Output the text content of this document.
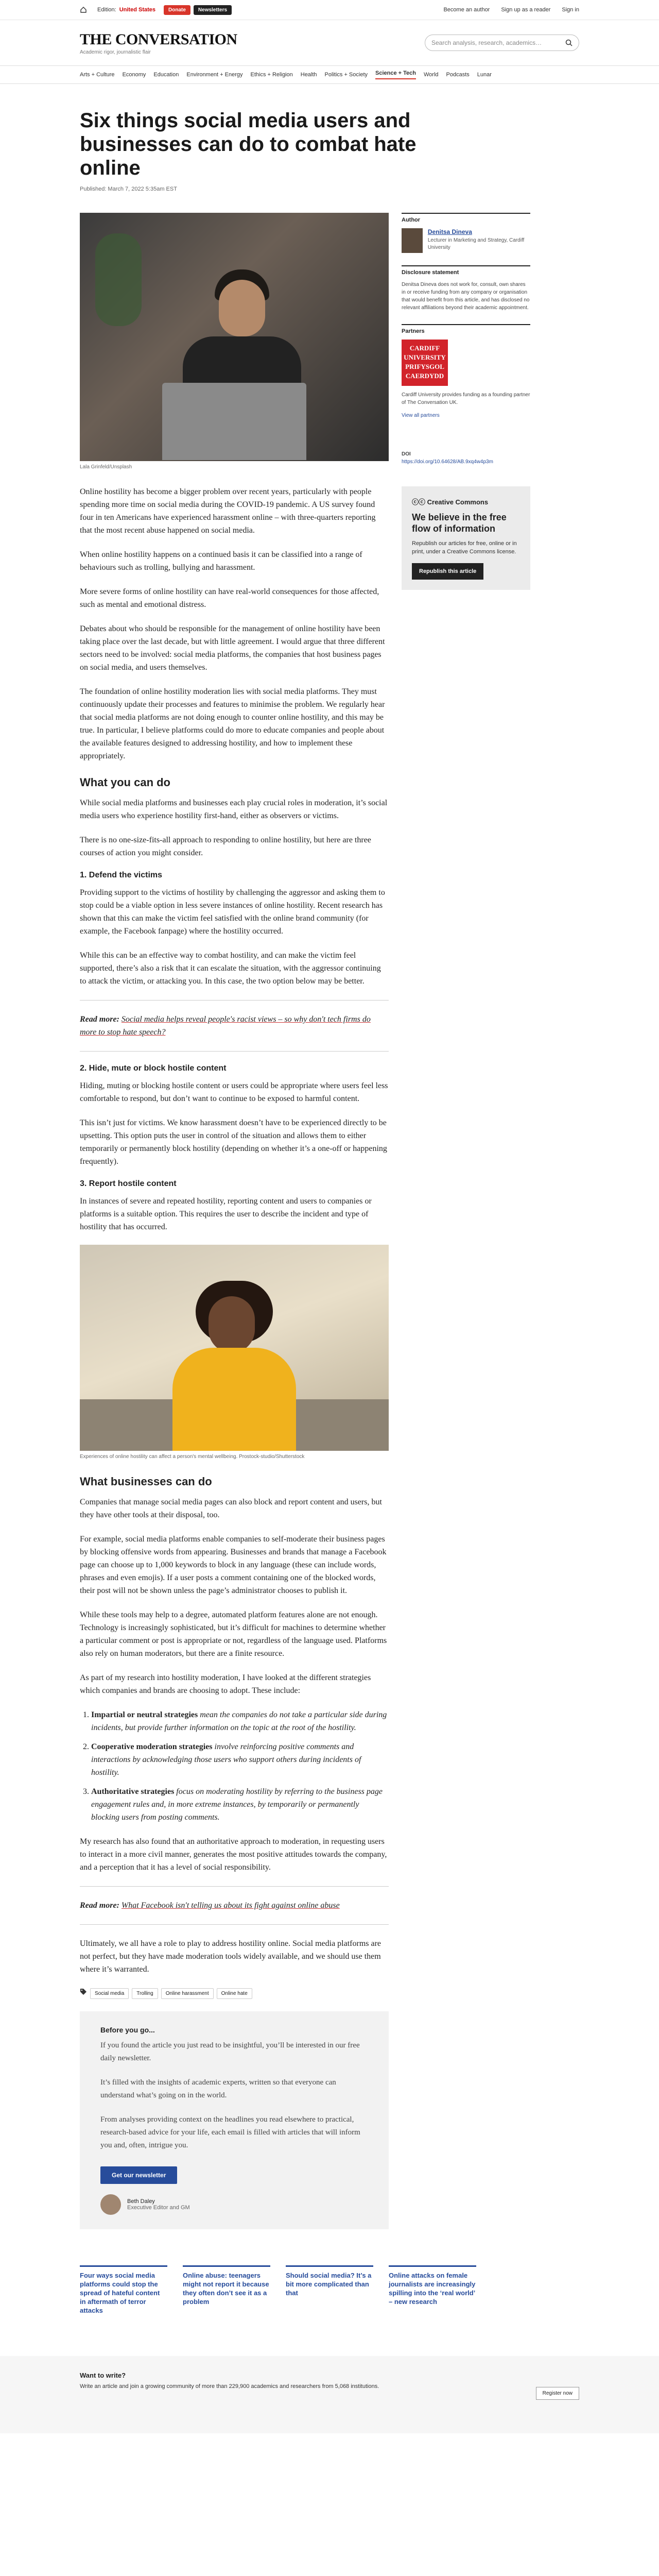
Edition: United States	Donate	Newsletters	Become an author Sign up as a reader Sign in
THE CONVERSATION
Academic rigor, journalistic flair
Search analysis, research, academics…
Arts + Culture Economy Education Environment + Energy Ethics + Religion Health Politics + Society Science + Tech World Podcasts Lunar
Six things social media users and businesses can do to combat hate online
Published: March 7, 2022 5:35am EST
Lala Grinfeld/Unsplash

Online hostility has become a bigger problem over recent years, particularly with people spending more time on social media during the COVID-19 pandemic. A US survey found four in ten Americans have experienced harassment online – with three-quarters reporting that the most recent abuse happened on social media.

When online hostility happens on a continued basis it can be classified into a range of behaviours such as trolling, bullying and harassment.

More severe forms of online hostility can have real-world consequences for those affected, such as mental and emotional distress.

Debates about who should be responsible for the management of online hostility have been taking place over the last decade, but with little agreement. I would argue that three different sectors need to be involved: social media platforms, the companies that host business pages on social media, and users themselves.

The foundation of online hostility moderation lies with social media platforms. They must continuously update their processes and features to minimise the problem. We regularly hear that social media platforms are not doing enough to counter online hostility, and this may be true. In particular, I believe platforms could do more to educate companies and people about the available features designed to addressing hostility, and how to implement these appropriately.

What you can do

While social media platforms and businesses each play crucial roles in moderation, it’s social media users who experience hostility first-hand, either as observers or victims.

There is no one-size-fits-all approach to responding to online hostility, but here are three courses of action you might consider.

1. Defend the victims

Providing support to the victims of hostility by challenging the aggressor and asking them to stop could be a viable option in less severe instances of online hostility. Recent research has shown that this can make the victim feel satisfied with the online brand community (for example, the Facebook fanpage) where the hostility occurred.

While this can be an effective way to combat hostility, and can make the victim feel supported, there’s also a risk that it can escalate the situation, with the aggressor continuing to attack the victim, or attacking you. In this case, the two option below may be better.

Read more: Social media helps reveal people's racist views – so why don't tech firms do more to stop hate speech?
2. Hide, mute or block hostile content

Hiding, muting or blocking hostile content or users could be appropriate where users feel less comfortable to respond, but don’t want to continue to be exposed to harmful content.

This isn’t just for victims. We know harassment doesn’t have to be experienced directly to be upsetting. This option puts the user in control of the situation and allows them to either temporarily or permanently block hostility (depending on whether it’s a one-off or happening frequently).

3. Report hostile content

In instances of severe and repeated hostility, reporting content and users to companies or platforms is a suitable option. This requires the user to describe the incident and type of hostility that has occurred.

Experiences of online hostility can affect a person's mental wellbeing. Prostock-studio/Shutterstock
What businesses can do

Companies that manage social media pages can also block and report content and users, but they have other tools at their disposal, too.

For example, social media platforms enable companies to self-moderate their business pages by blocking offensive words from appearing. Businesses and brands that manage a Facebook page can choose up to 1,000 keywords to block in any language (these can include words, phrases and even emojis). If a user posts a comment containing one of the blocked words, their post will not be shown unless the page’s administrator chooses to publish it.

While these tools may help to a degree, automated platform features alone are not enough. Technology is increasingly sophisticated, but it’s difficult for machines to determine whether a particular comment or post is appropriate or not, regardless of the language used. Platforms also rely on human moderators, but there are a finite resource.

As part of my research into hostility moderation, I have looked at the different strategies which companies and brands are choosing to adopt. These include:

1. Impartial or neutral strategies mean the companies do not take a particular side during incidents, but provide further information on the topic at the root of the hostility.
2. Cooperative moderation strategies involve reinforcing positive comments and interactions by acknowledging those users who support others during incidents of hostility.
3. Authoritative strategies focus on moderating hostility by referring to the business page engagement rules and, in more extreme instances, by temporarily or permanently blocking users from posting comments.

My research has also found that an authoritative approach to moderation, in requesting users to interact in a more civil manner, generates the most positive attitudes towards the company, and a perception that it has a level of social responsibility.

Read more: What Facebook isn't telling us about its fight against online abuse

Ultimately, we all have a role to play to address hostility online. Social media platforms are not perfect, but they have made moderation tools widely available, and we should use them where it’s warranted.

Social media	Trolling	Online harassment	Online hate
Before you go...

If you found the article you just read to be insightful, you’ll be interested in our free daily newsletter.

It’s filled with the insights of academic experts, written so that everyone can understand what’s going on in the world.

From analyses providing context on the headlines you read elsewhere to practical, research-based advice for your life, each email is filled with articles that will inform you and, often, intrigue you.

Get our newsletter
Beth Daley
Executive Editor and GM
Author
Denitsa Dineva
Lecturer in Marketing and Strategy, Cardiff University
Disclosure statement
Denitsa Dineva does not work for, consult, own shares in or receive funding from any company or organisation that would benefit from this article, and has disclosed no relevant affiliations beyond their academic appointment.
Partners
CARDIFF UNIVERSITY PRIFYSGOL CAERDYDD
Cardiff University provides funding as a founding partner of The Conversation UK.
View all partners
DOI
https://doi.org/10.64628/AB.9xq4w4p3m
ⓒⓒ Creative Commons
We believe in the free flow of information
Republish our articles for free, online or in print, under a Creative Commons license.
Republish this article
Four ways social media platforms could stop the spread of hateful content in aftermath of terror attacks
Online abuse: teenagers might not report it because they often don’t see it as a problem
Should social media? It’s a bit more complicated than that
Online attacks on female journalists are increasingly spilling into the ‘real world’ – new research
Want to write?
Write an article and join a growing community of more than 229,900 academics and researchers from 5,068 institutions.
Register now
